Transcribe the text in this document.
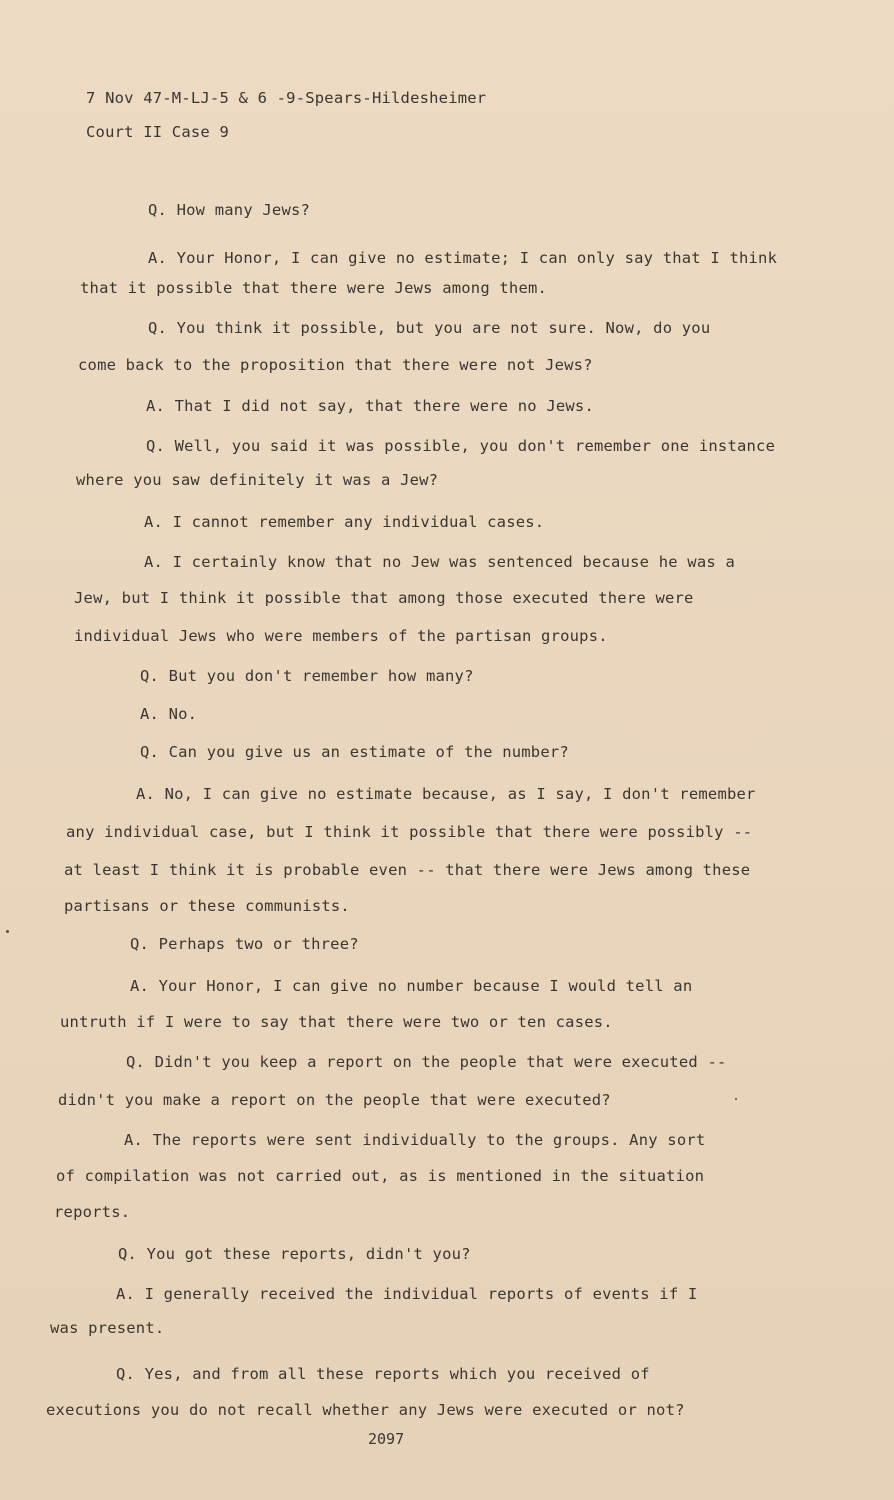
7 Nov 47-M-LJ-5 & 6 -9-Spears-Hildesheimer
Court II Case 9
Q. How many Jews?
A. Your Honor, I can give no estimate; I can only say that I think
that it possible that there were Jews among them.
Q. You think it possible, but you are not sure. Now, do you
come back to the proposition that there were not Jews?
A. That I did not say, that there were no Jews.
Q. Well, you said it was possible, you don't remember one instance
where you saw definitely it was a Jew?
A. I cannot remember any individual cases.
A. I certainly know that no Jew was sentenced because he was a
Jew, but I think it possible that among those executed there were
individual Jews who were members of the partisan groups.
Q. But you don't remember how many?
A. No.
Q. Can you give us an estimate of the number?
A. No, I can give no estimate because, as I say, I don't remember
any individual case, but I think it possible that there were possibly --
at least I think it is probable even -- that there were Jews among these
partisans or these communists.
Q. Perhaps two or three?
A. Your Honor, I can give no number because I would tell an
untruth if I were to say that there were two or ten cases.
Q. Didn't you keep a report on the people that were executed --
didn't you make a report on the people that were executed?
A. The reports were sent individually to the groups. Any sort
of compilation was not carried out, as is mentioned in the situation
reports.
Q. You got these reports, didn't you?
A. I generally received the individual reports of events if I
was present.
Q. Yes, and from all these reports which you received of
executions you do not recall whether any Jews were executed or not?
2097
